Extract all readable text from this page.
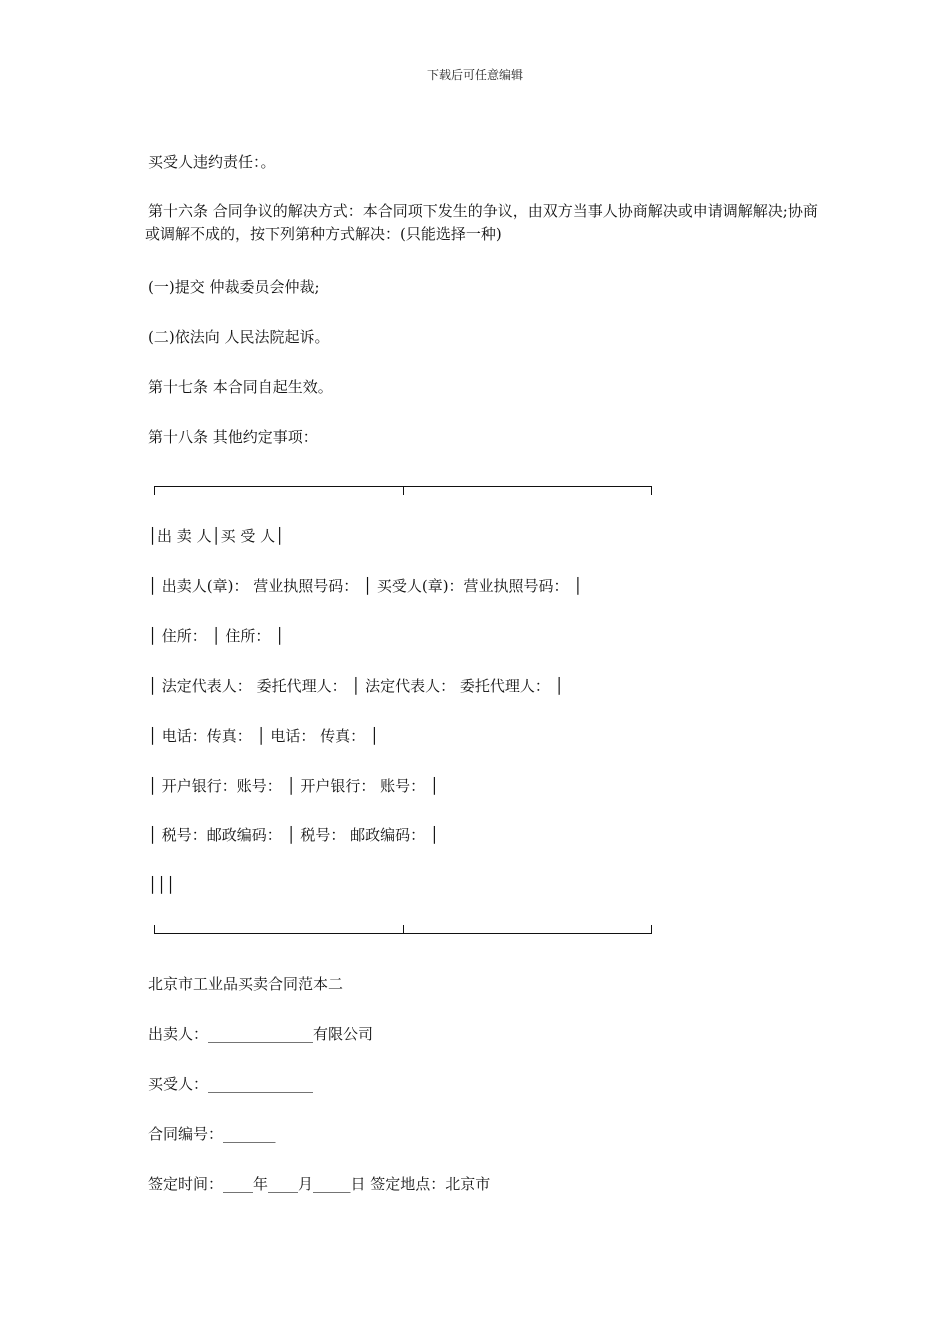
下载后可任意编辑
买受人违约责任：。
第十六条 合同争议的解决方式：本合同项下发生的争议，由双方当事人协商解决或申请调解解决;协商或调解不成的，按下列第种方式解决：(只能选择一种)
(一)提交 仲裁委员会仲裁;
(二)依法向 人民法院起诉。
第十七条 本合同自起生效。
第十八条 其他约定事项：
│出 卖 人│买 受 人│
│ 出卖人(章)： 营业执照号码： │ 买受人(章)：营业执照号码： │
│ 住所： │ 住所： │
│ 法定代表人： 委托代理人： │ 法定代表人： 委托代理人： │
│ 电话：传真： │ 电话： 传真： │
│ 开户银行：账号： │ 开户银行： 账号： │
│ 税号：邮政编码： │ 税号： 邮政编码： │
│││
北京市工业品买卖合同范本二
出卖人：______________有限公司
买受人：______________
合同编号：_______
签定时间：____年____月_____日 签定地点：北京市
